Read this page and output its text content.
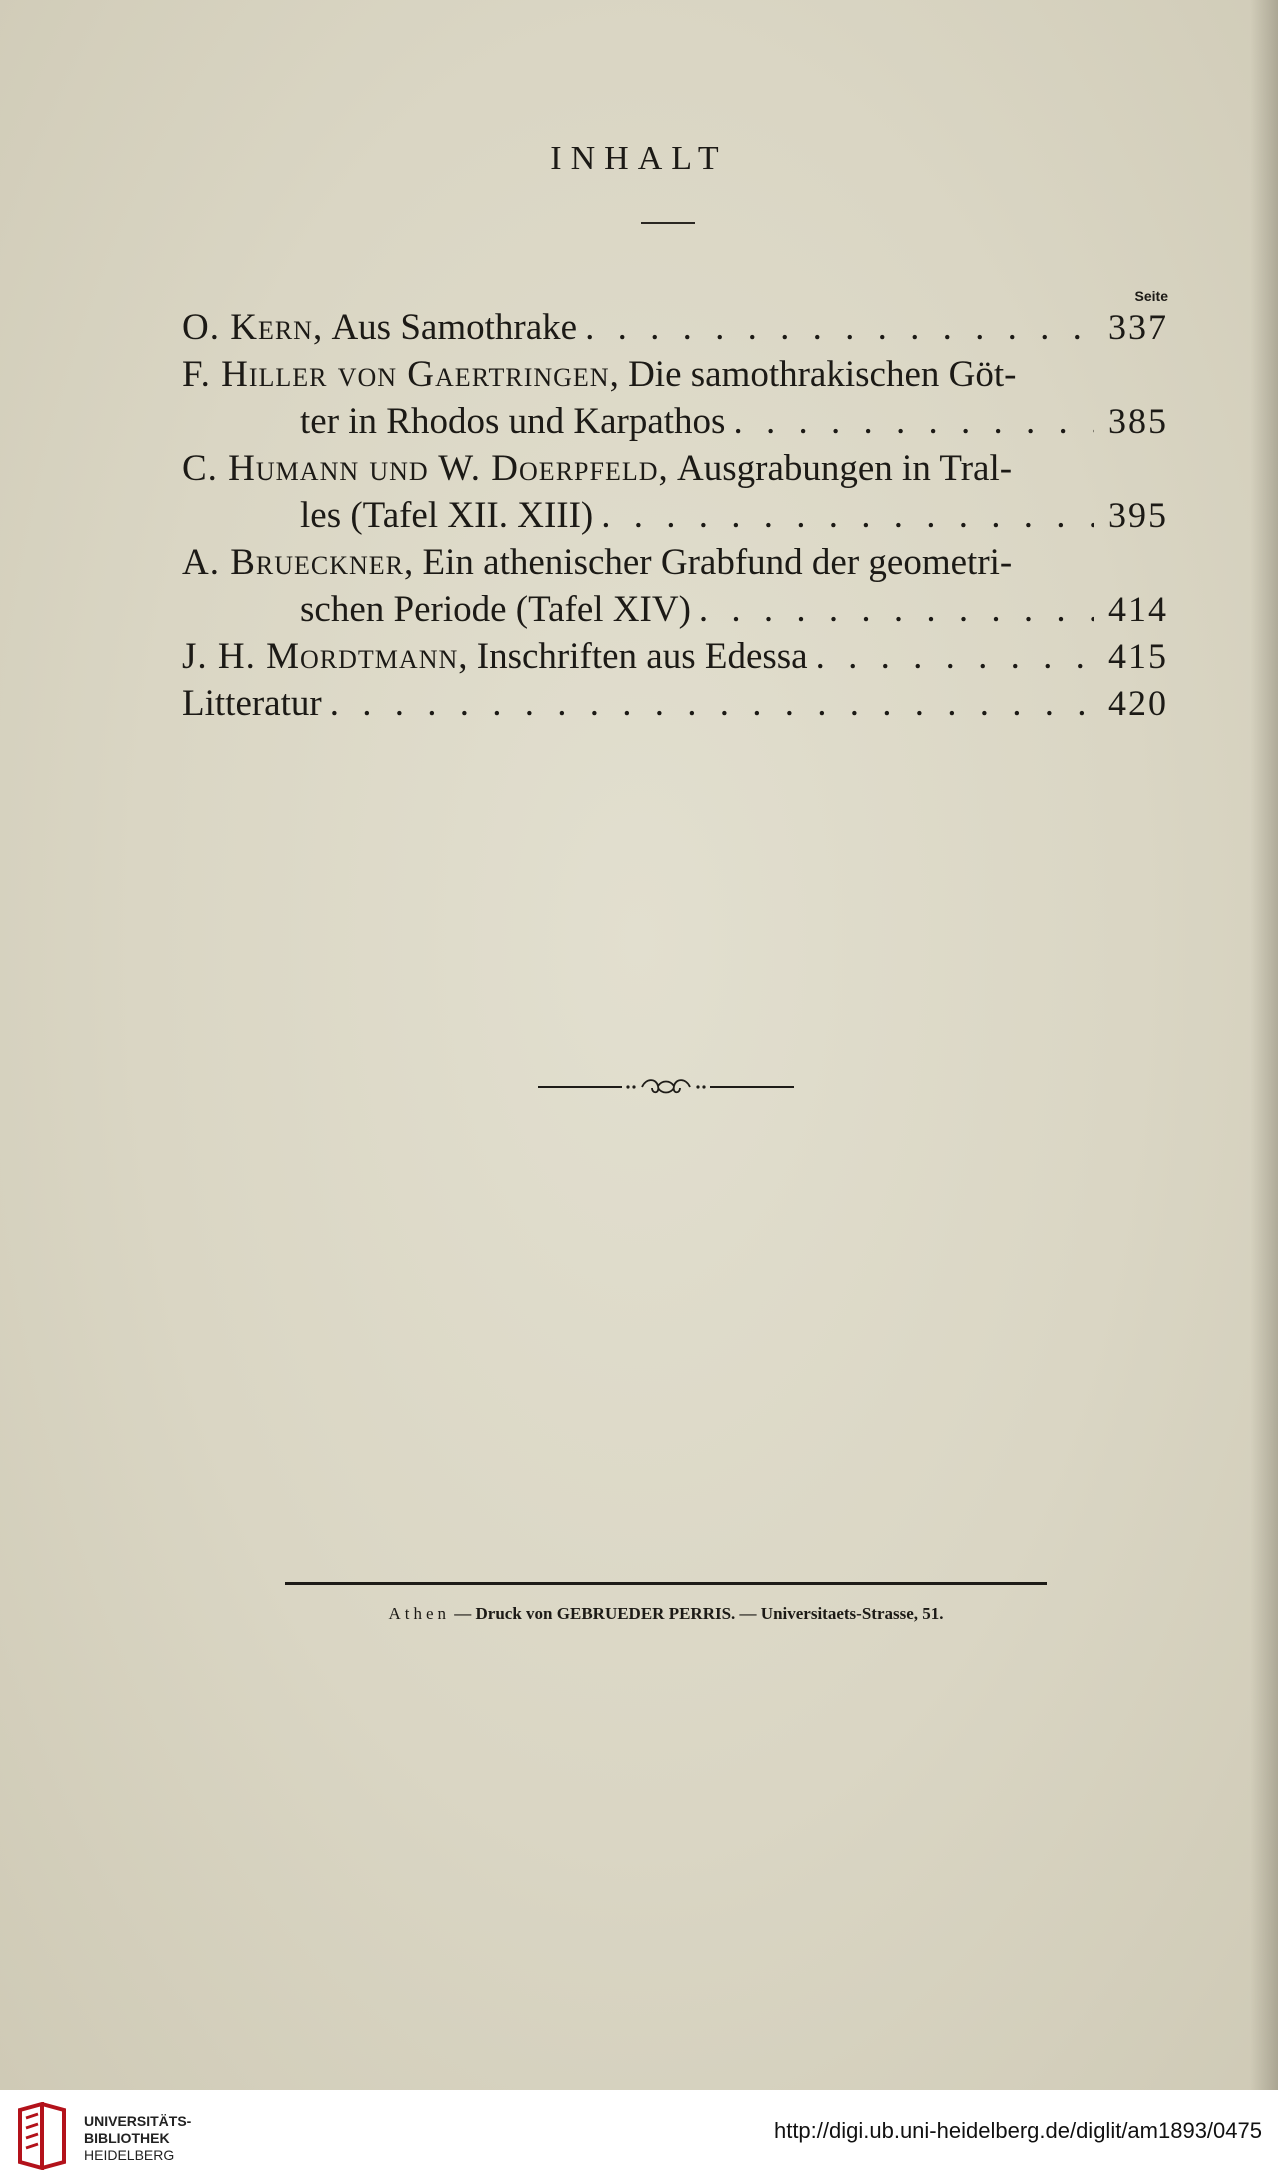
INHALT
Seite
O. Kern , Aus Samothrake . . .	337
F. Hiller von Gaertringen , Die samothrakischen Göt-
ter in Rhodos und Karpathos . . .	385
C. Humann und W. Doerpfeld , Ausgrabungen in Tral-
les (Tafel XII. XIII) . . .	395
A. Brueckner , Ein athenischer Grabfund der geometri-
schen Periode (Tafel XIV) . . .	414
J. H. Mordtmann , Inschriften aus Edessa . . .	415
Litteratur . . .	420
Athen — Druck von GEBRUEDER PERRIS. — Universitaets-Strasse, 51.
UNIVERSITÄTS-
BIBLIOTHEK
HEIDELBERG
http://digi.ub.uni-heidelberg.de/diglit/am1893/0475
